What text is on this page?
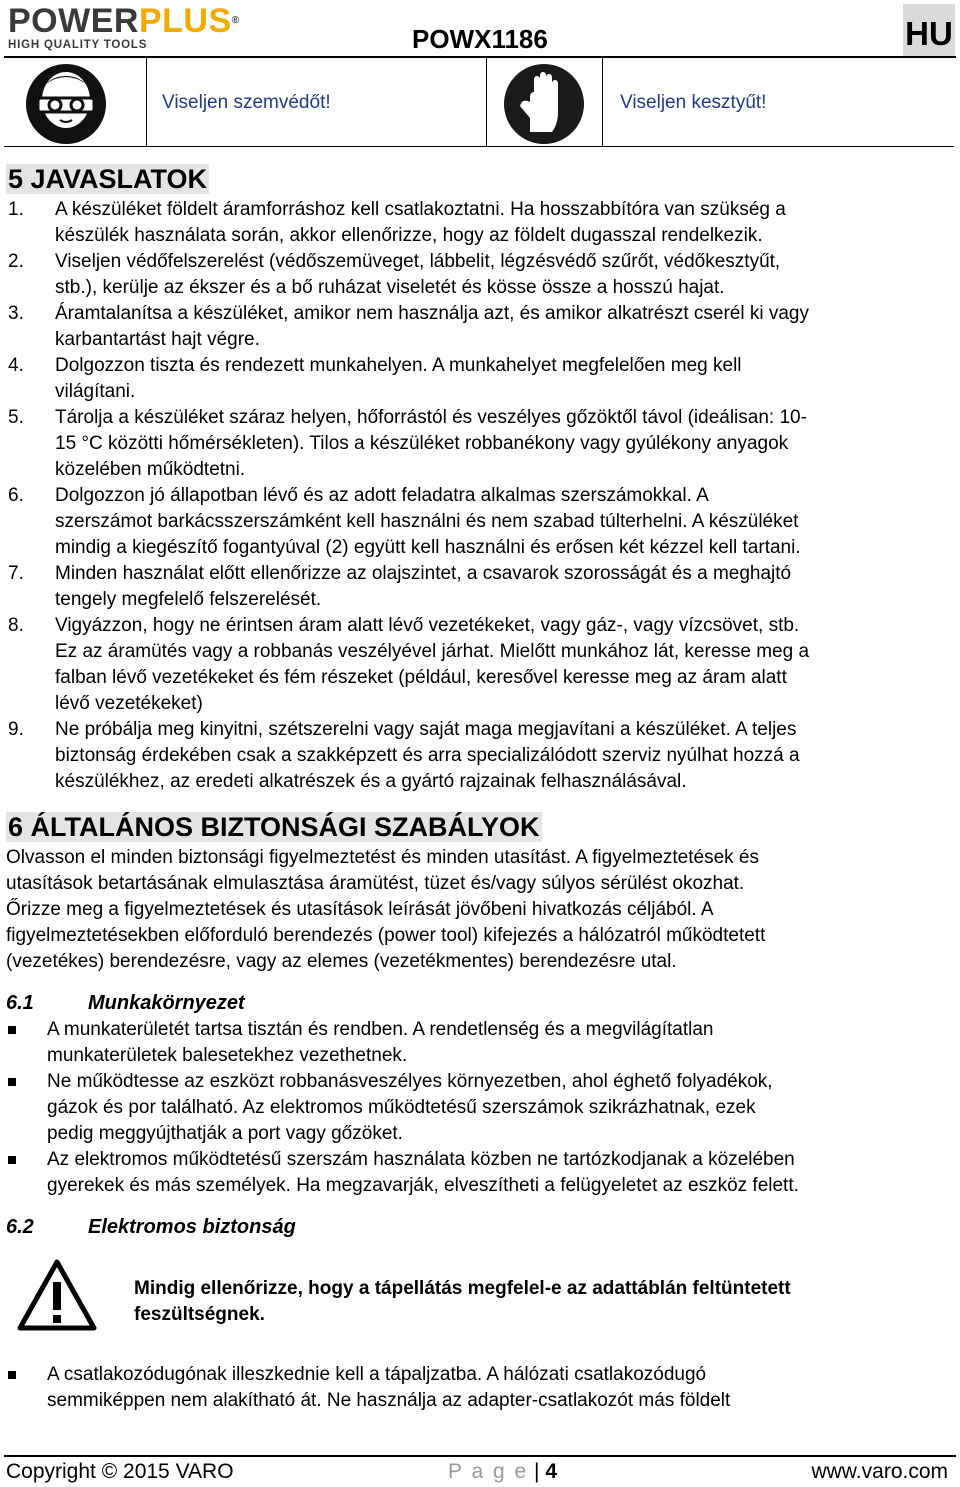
POWERPLUS®
HIGH QUALITY TOOLS	POWX1186	HU
Viseljen szemvédőt!	Viseljen kesztyűt!
5 JAVASLATOK
1. A készüléket földelt áramforráshoz kell csatlakoztatni. Ha hosszabbítóra van szükség a
készülék használata során, akkor ellenőrizze, hogy az földelt dugasszal rendelkezik.
2. Viseljen védőfelszerelést (védőszemüveget, lábbelit, légzésvédő szűrőt, védőkesztyűt,
stb.), kerülje az ékszer és a bő ruházat viseletét és kösse össze a hosszú hajat.
3. Áramtalanítsa a készüléket, amikor nem használja azt, és amikor alkatrészt cserél ki vagy
karbantartást hajt végre.
4. Dolgozzon tiszta és rendezett munkahelyen. A munkahelyet megfelelően meg kell
világítani.
5. Tárolja a készüléket száraz helyen, hőforrástól és veszélyes gőzöktől távol (ideálisan: 10-
15 °C közötti hőmérsékleten). Tilos a készüléket robbanékony vagy gyúlékony anyagok
közelében működtetni.
6. Dolgozzon jó állapotban lévő és az adott feladatra alkalmas szerszámokkal. A
szerszámot barkácsszerszámként kell használni és nem szabad túlterhelni. A készüléket
mindig a kiegészítő fogantyúval (2) együtt kell használni és erősen két kézzel kell tartani.
7. Minden használat előtt ellenőrizze az olajszintet, a csavarok szorosságát és a meghajtó
tengely megfelelő felszerelését.
8. Vigyázzon, hogy ne érintsen áram alatt lévő vezetékeket, vagy gáz-, vagy vízcsövet, stb.
Ez az áramütés vagy a robbanás veszélyével járhat. Mielőtt munkához lát, keresse meg a
falban lévő vezetékeket és fém részeket (például, keresővel keresse meg az áram alatt
lévő vezetékeket)
9. Ne próbálja meg kinyitni, szétszerelni vagy saját maga megjavítani a készüléket. A teljes
biztonság érdekében csak a szakképzett és arra specializálódott szerviz nyúlhat hozzá a
készülékhez, az eredeti alkatrészek és a gyártó rajzainak felhasználásával.
6 ÁLTALÁNOS BIZTONSÁGI SZABÁLYOK
Olvasson el minden biztonsági figyelmeztetést és minden utasítást. A figyelmeztetések és
utasítások betartásának elmulasztása áramütést, tüzet és/vagy súlyos sérülést okozhat.
Őrizze meg a figyelmeztetések és utasítások leírását jövőbeni hivatkozás céljából. A
figyelmeztetésekben előforduló berendezés (power tool) kifejezés a hálózatról működtetett
(vezetékes) berendezésre, vagy az elemes (vezetékmentes) berendezésre utal.
6.1	Munkakörnyezet
A munkaterületét tartsa tisztán és rendben. A rendetlenség és a megvilágítatlan
munkaterületek balesetekhez vezethetnek.
Ne működtesse az eszközt robbanásveszélyes környezetben, ahol éghető folyadékok,
gázok és por található. Az elektromos működtetésű szerszámok szikrázhatnak, ezek
pedig meggyújthatják a port vagy gőzöket.
Az elektromos működtetésű szerszám használata közben ne tartózkodjanak a közelében
gyerekek és más személyek. Ha megzavarják, elveszítheti a felügyeletet az eszköz felett.
6.2	Elektromos biztonság
Mindig ellenőrizze, hogy a tápellátás megfelel-e az adattáblán feltüntetett
feszültségnek.
A csatlakozódugónak illeszkednie kell a tápaljzatba. A hálózati csatlakozódugó
semmiképpen nem alakítható át. Ne használja az adapter-csatlakozót más földelt
Copyright © 2015 VARO	P a g e | 4	www.varo.com
